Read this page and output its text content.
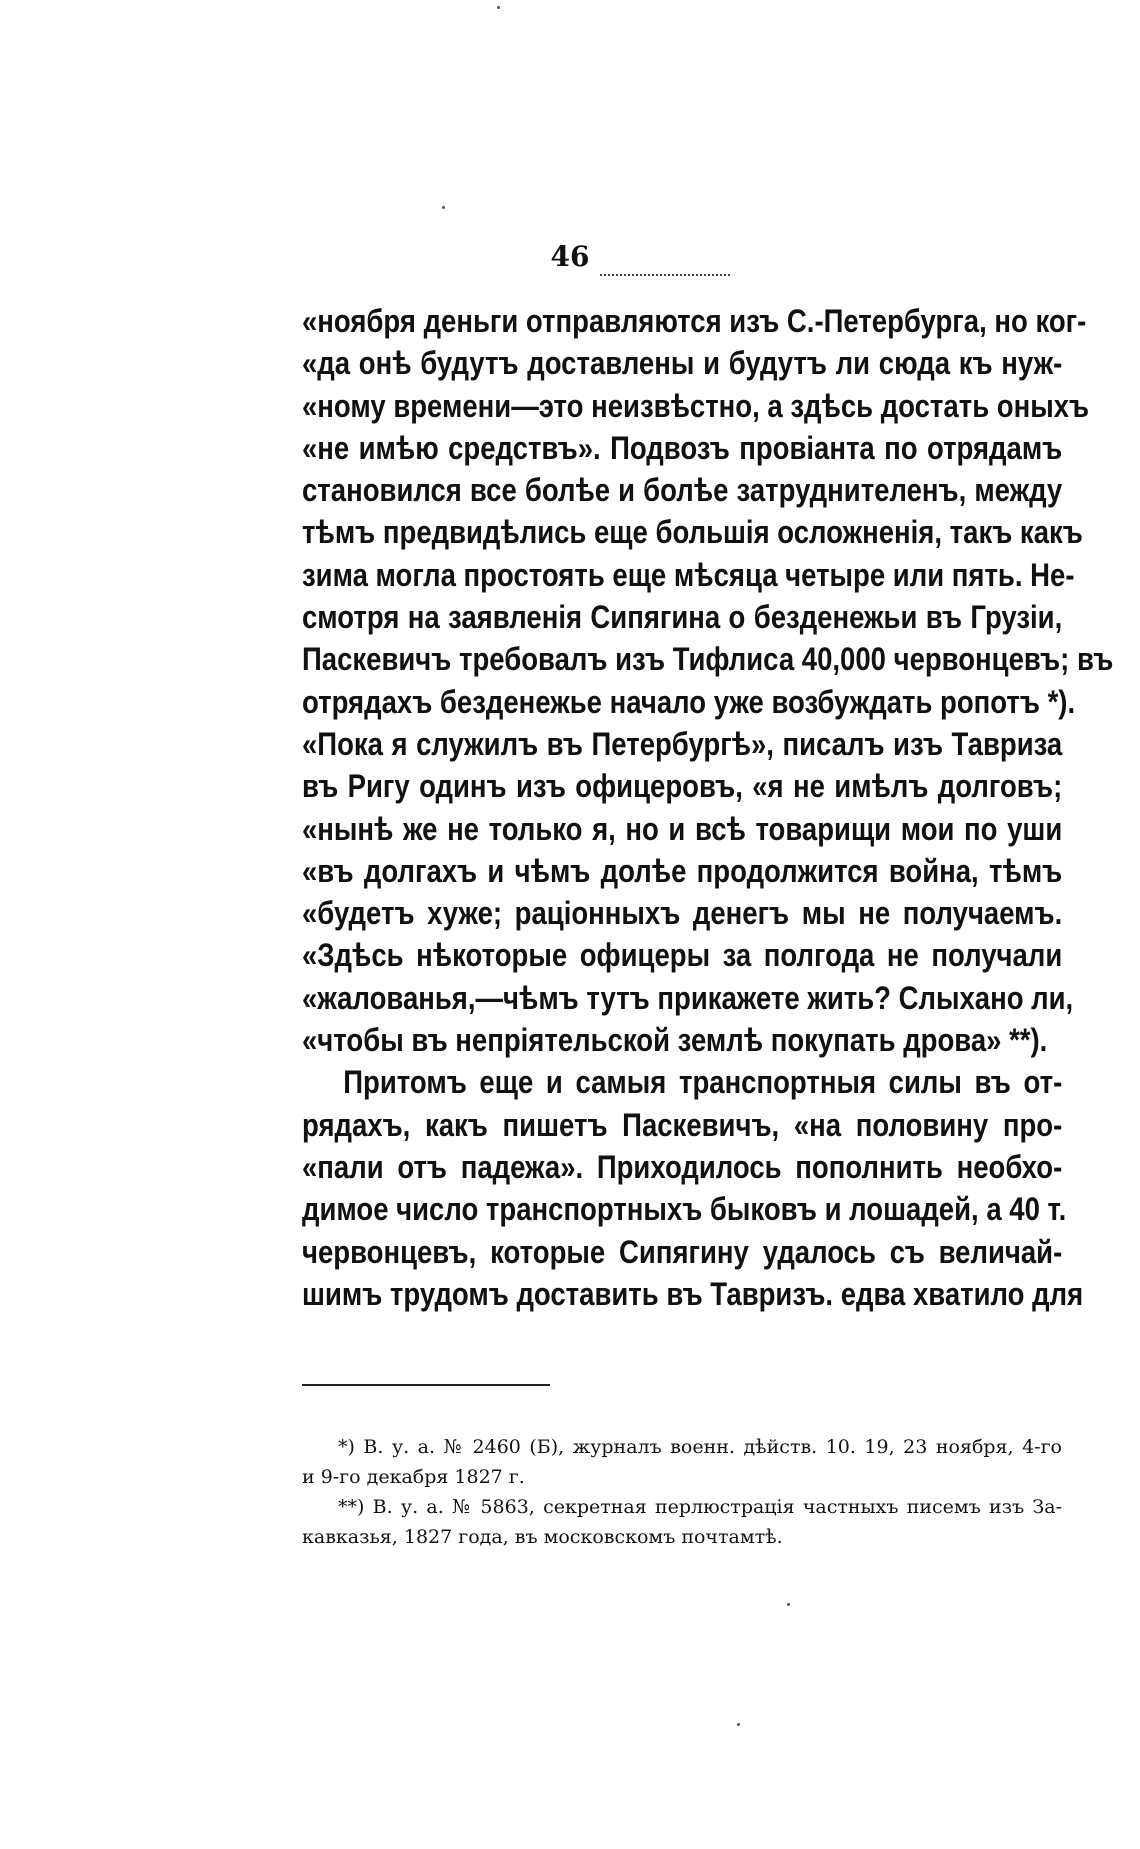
46
«ноября деньги отправляются изъ С.-Петербурга, но ког-
«да онѣ будутъ доставлены и будутъ ли сюда къ нуж-
«ному времени—это неизвѣстно, а здѣсь достать оныхъ
«не имѣю средствъ». Подвозъ провіанта по отрядамъ
становился все болѣе и болѣе затруднителенъ, между
тѣмъ предвидѣлись еще большія осложненія, такъ какъ
зима могла простоять еще мѣсяца четыре или пять. Не-
смотря на заявленія Сипягина о безденежьи въ Грузіи,
Паскевичъ требовалъ изъ Тифлиса 40,000 червонцевъ; въ
отрядахъ безденежье начало уже возбуждать ропотъ *).
«Пока я служилъ въ Петербургѣ», писалъ изъ Тавриза
въ Ригу одинъ изъ офицеровъ, «я не имѣлъ долговъ;
«нынѣ же не только я, но и всѣ товарищи мои по уши
«въ долгахъ и чѣмъ долѣе продолжится война, тѣмъ
«будетъ хуже; раціонныхъ денегъ мы не получаемъ.
«Здѣсь нѣкоторые офицеры за полгода не получали
«жалованья,—чѣмъ тутъ прикажете жить? Слыхано ли,
«чтобы въ непріятельской землѣ покупать дрова» **).
Притомъ еще и самыя транспортныя силы въ от-
рядахъ, какъ пишетъ Паскевичъ, «на половину про-
«пали отъ падежа». Приходилось пополнить необхо-
димое число транспортныхъ быковъ и лошадей, а 40 т.
червонцевъ, которые Сипягину удалось съ величай-
шимъ трудомъ доставить въ Тавризъ. едва хватило для
*) В. у. а. № 2460 (Б), журналъ военн. дѣйств. 10. 19, 23 ноября, 4-го
и 9-го декабря 1827 г.
**) В. у. а. № 5863, секретная перлюстрація частныхъ писемъ изъ За-
кавказья, 1827 года, въ московскомъ почтамтѣ.
